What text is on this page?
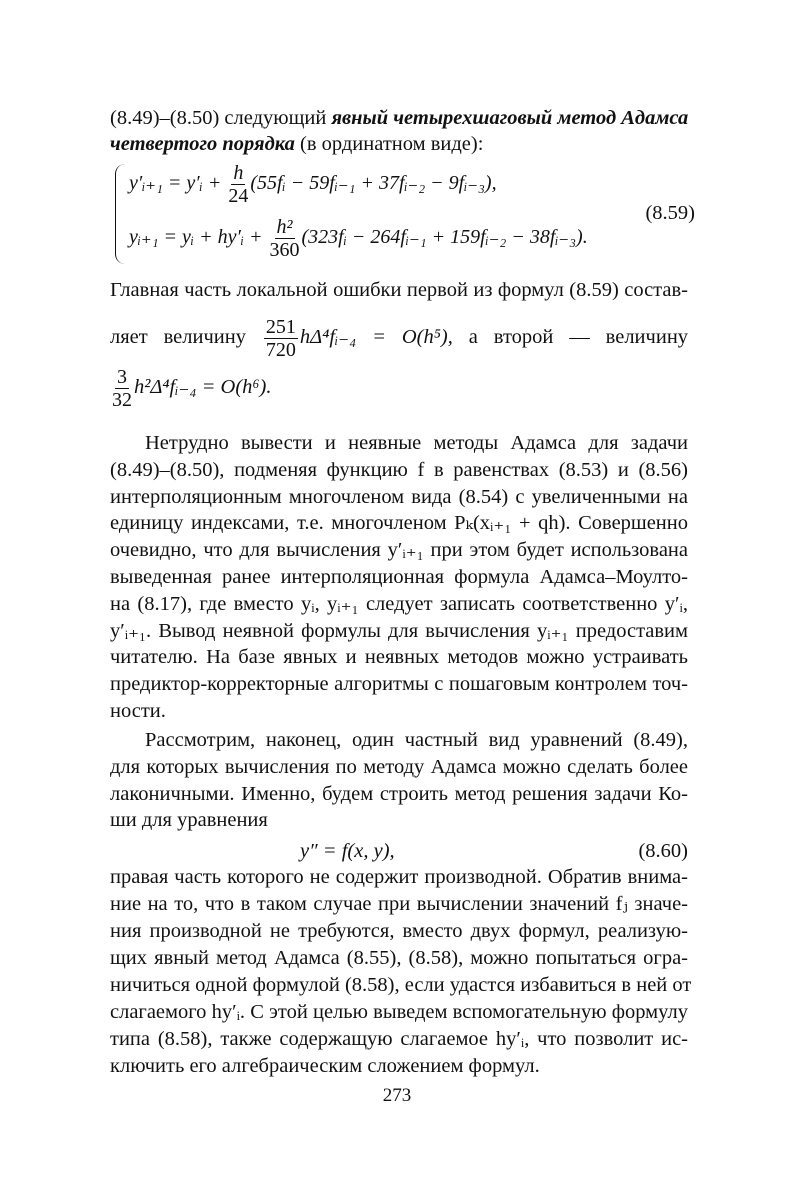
(8.49)–(8.50) следующий явный четырехшаговый метод Адамса
четвертого порядка (в ординатном виде):
y′ᵢ₊₁ = y′ᵢ + $\frac{h}{24}$ (55fᵢ − 59fᵢ₋₁ + 37fᵢ₋₂ − 9fᵢ₋₃),
yᵢ₊₁ = yᵢ + hy′ᵢ + $\frac{\text{h²}}{360}$ (323fᵢ − 264fᵢ₋₁ + 159fᵢ₋₂ − 38fᵢ₋₃).
(8.59)
Главная часть локальной ошибки первой из формул (8.59) состав-
ляет величину $\frac{251}{720}$ hΔ⁴fᵢ₋₄ = O(h⁵), а второй — величину
$\frac{3}{32}$ h²Δ⁴fᵢ₋₄ = O(h⁶).
Нетрудно вывести и неявные методы Адамса для задачи
(8.49)–(8.50), подменяя функцию f в равенствах (8.53) и (8.56)
интерполяционным многочленом вида (8.54) с увеличенными на
единицу индексами, т.е. многочленом Pₖ(xᵢ₊₁ + qh). Совершенно
очевидно, что для вычисления y′ᵢ₊₁ при этом будет использована
выведенная ранее интерполяционная формула Адамса–Моулто-
на (8.17), где вместо yᵢ, yᵢ₊₁ следует записать соответственно y′ᵢ,
y′ᵢ₊₁. Вывод неявной формулы для вычисления yᵢ₊₁ предоставим
читателю. На базе явных и неявных методов можно устраивать
предиктор-корректорные алгоритмы с пошаговым контролем точ-
ности.
Рассмотрим, наконец, один частный вид уравнений (8.49),
для которых вычисления по методу Адамса можно сделать более
лаконичными. Именно, будем строить метод решения задачи Ко-
ши для уравнения
y″ = f(x, y),	(8.60)
правая часть которого не содержит производной. Обратив внима-
ние на то, что в таком случае при вычислении значений fⱼ значе-
ния производной не требуются, вместо двух формул, реализую-
щих явный метод Адамса (8.55), (8.58), можно попытаться огра-
ничиться одной формулой (8.58), если удастся избавиться в ней от
слагаемого hy′ᵢ. С этой целью выведем вспомогательную формулу
типа (8.58), также содержащую слагаемое hy′ᵢ, что позволит ис-
ключить его алгебраическим сложением формул.
273
